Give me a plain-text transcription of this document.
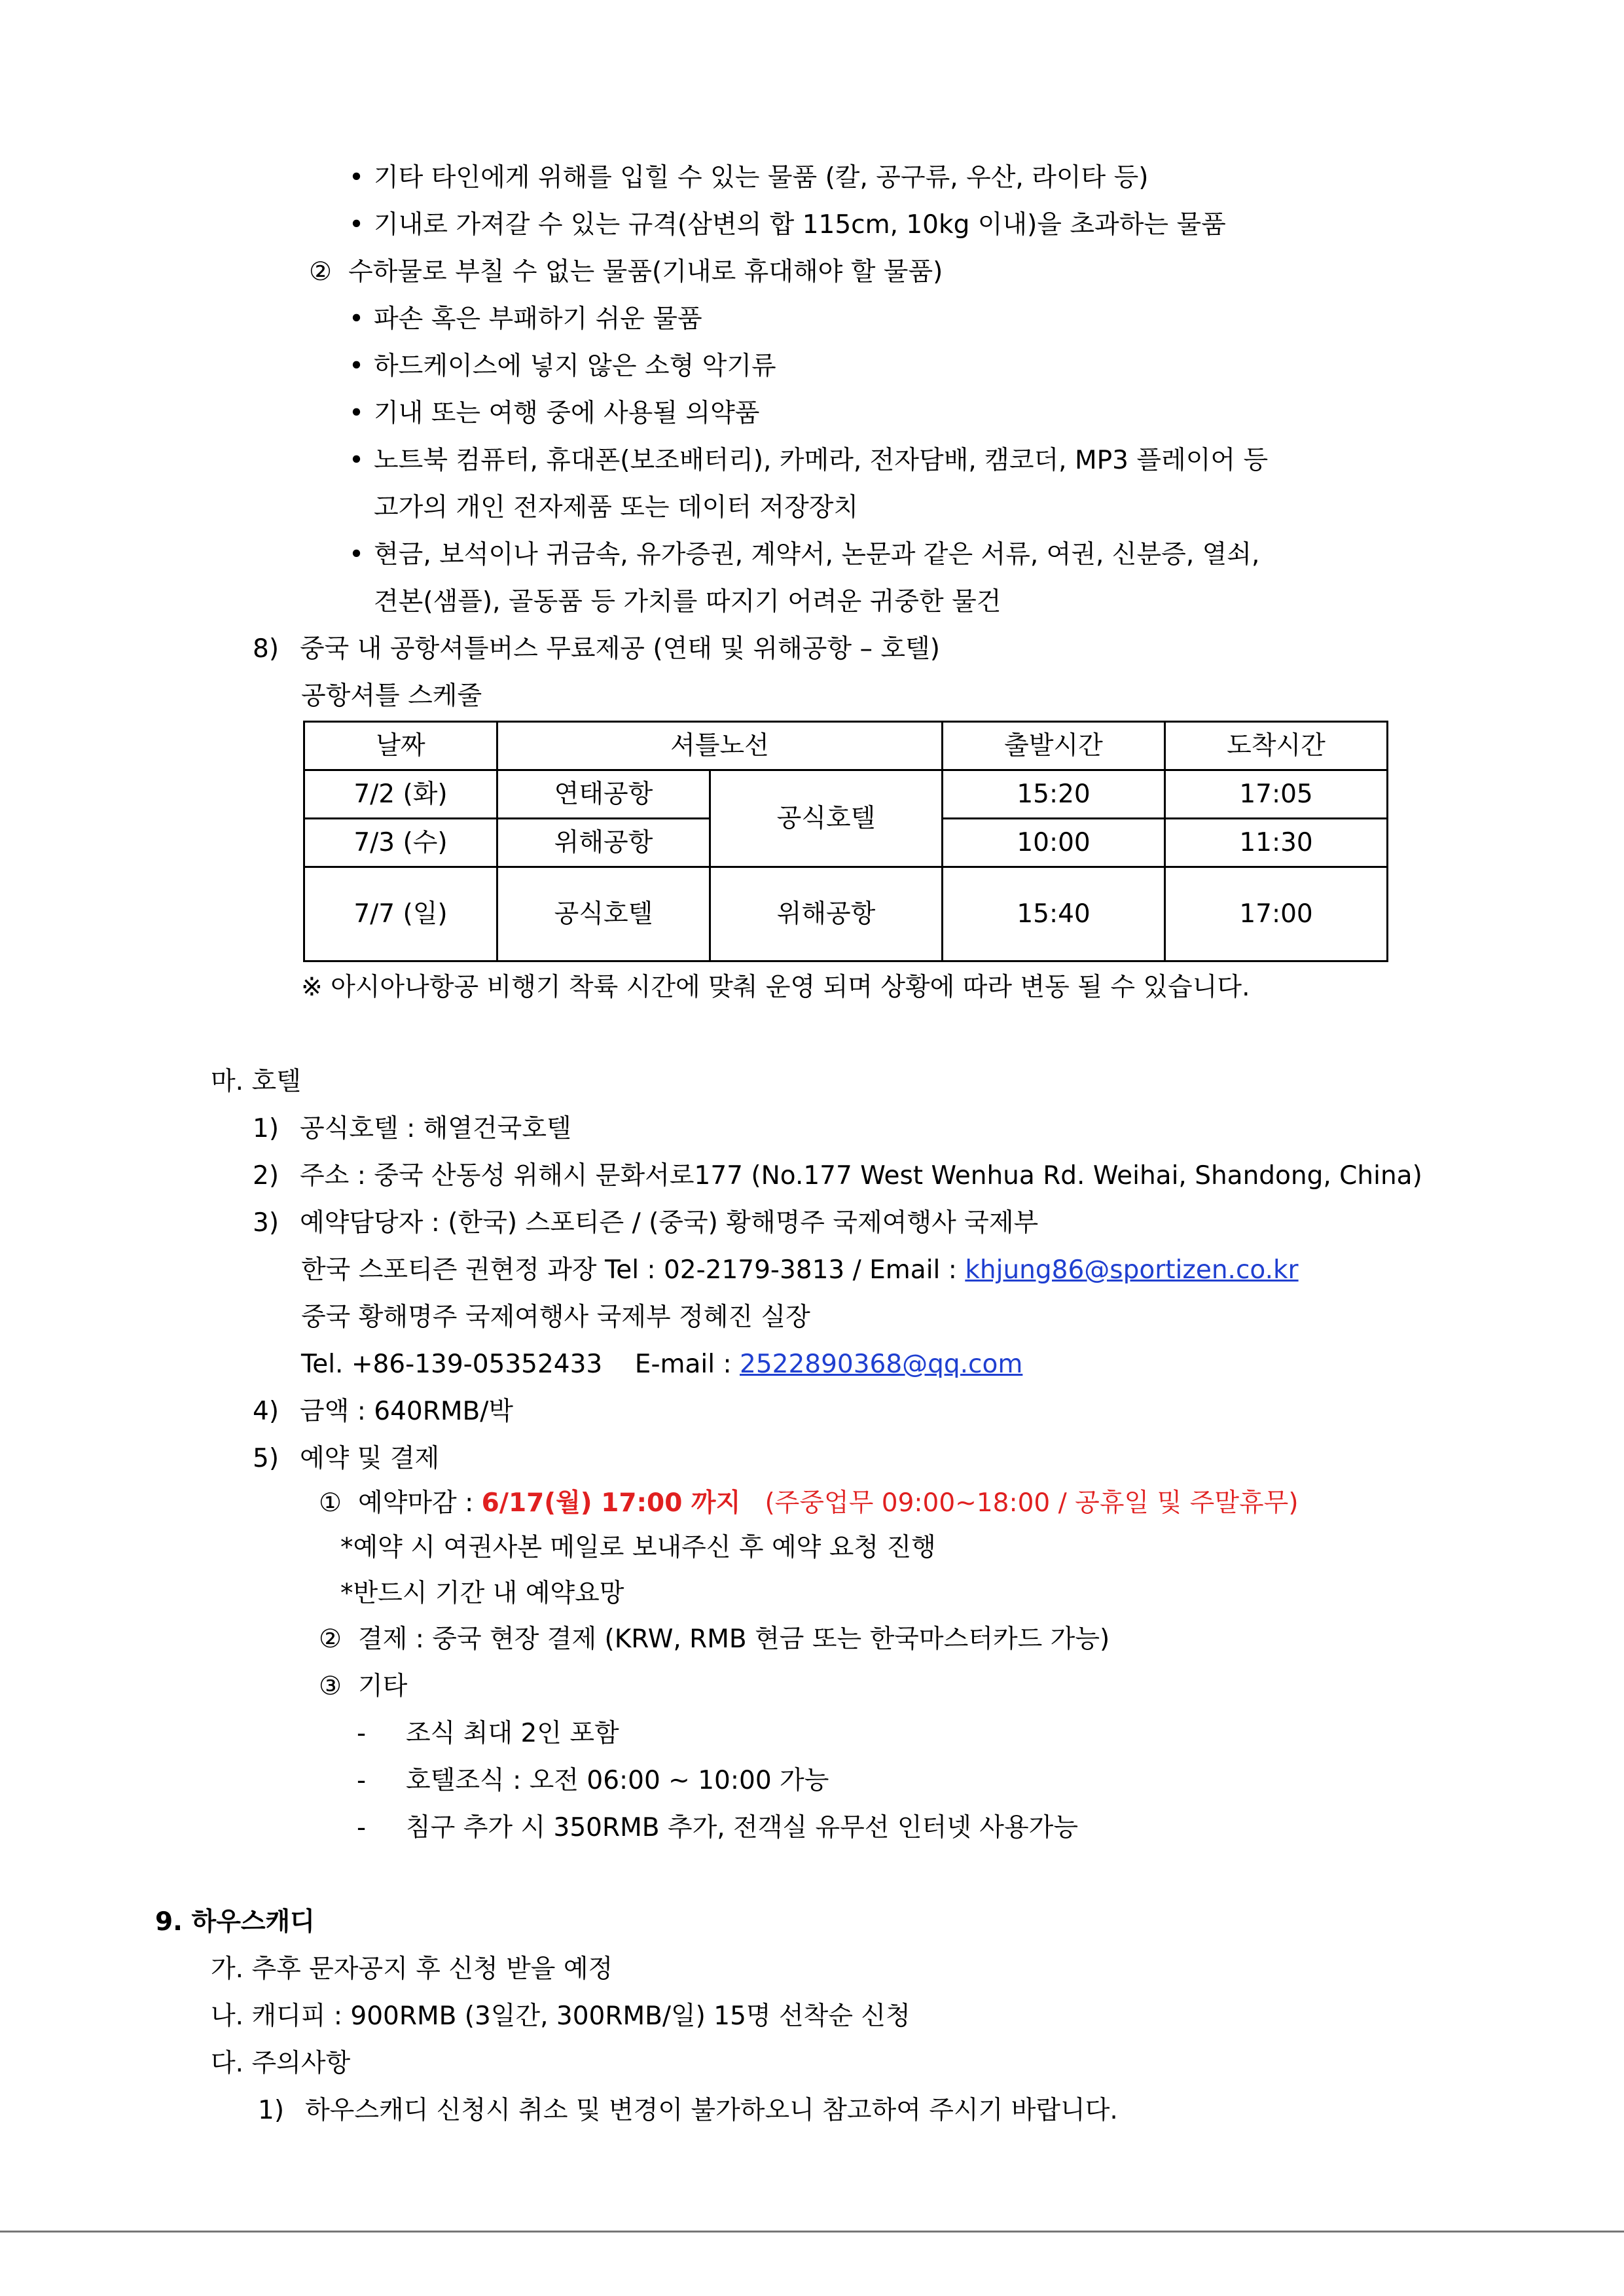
• 기타 타인에게 위해를 입힐 수 있는 물품 (칼, 공구류, 우산, 라이타 등)
• 기내로 가져갈 수 있는 규격(삼변의 합 115cm, 10kg 이내)을 초과하는 물품
② 수하물로 부칠 수 없는 물품(기내로 휴대해야 할 물품)
• 파손 혹은 부패하기 쉬운 물품
• 하드케이스에 넣지 않은 소형 악기류
• 기내 또는 여행 중에 사용될 의약품
• 노트북 컴퓨터, 휴대폰(보조배터리), 카메라, 전자담배, 캠코더, MP3 플레이어 등
고가의 개인 전자제품 또는 데이터 저장장치
• 현금, 보석이나 귀금속, 유가증권, 계약서, 논문과 같은 서류, 여권, 신분증, 열쇠,
견본(샘플), 골동품 등 가치를 따지기 어려운 귀중한 물건
8) 중국 내 공항셔틀버스 무료제공 (연태 및 위해공항 – 호텔)
공항셔틀 스케줄
날짜	셔틀노선		출발시간	도착시간
7/2 (화)	연태공항	공식호텔	15:20	17:05
7/3 (수)	위해공항		10:00	11:30
7/7 (일)	공식호텔	위해공항	15:40	17:00
※ 아시아나항공 비행기 착륙 시간에 맞춰 운영 되며 상황에 따라 변동 될 수 있습니다.
마. 호텔
1) 공식호텔 : 해열건국호텔
2) 주소 : 중국 산동성 위해시 문화서로177 (No.177 West Wenhua Rd. Weihai, Shandong, China)
3) 예약담당자 : (한국) 스포티즌 / (중국) 황해명주 국제여행사 국제부
한국 스포티즌 권현정 과장 Tel : 02-2179-3813 / Email : khjung86@sportizen.co.kr
중국 황해명주 국제여행사 국제부 정혜진 실장
Tel. +86-139-05352433    E-mail : 2522890368@qq.com
4) 금액 : 640RMB/박
5) 예약 및 결제
① 예약마감 : 6/17(월) 17:00 까지 (주중업무 09:00~18:00 / 공휴일 및 주말휴무)
*예약 시 여권사본 메일로 보내주신 후 예약 요청 진행
*반드시 기간 내 예약요망
② 결제 : 중국 현장 결제 (KRW, RMB 현금 또는 한국마스터카드 가능)
③ 기타
- 조식 최대 2인 포함
- 호텔조식 : 오전 06:00 ~ 10:00 가능
- 침구 추가 시 350RMB 추가, 전객실 유무선 인터넷 사용가능
9. 하우스캐디
가. 추후 문자공지 후 신청 받을 예정
나. 캐디피 : 900RMB (3일간, 300RMB/일) 15명 선착순 신청
다. 주의사항
1) 하우스캐디 신청시 취소 및 변경이 불가하오니 참고하여 주시기 바랍니다.
